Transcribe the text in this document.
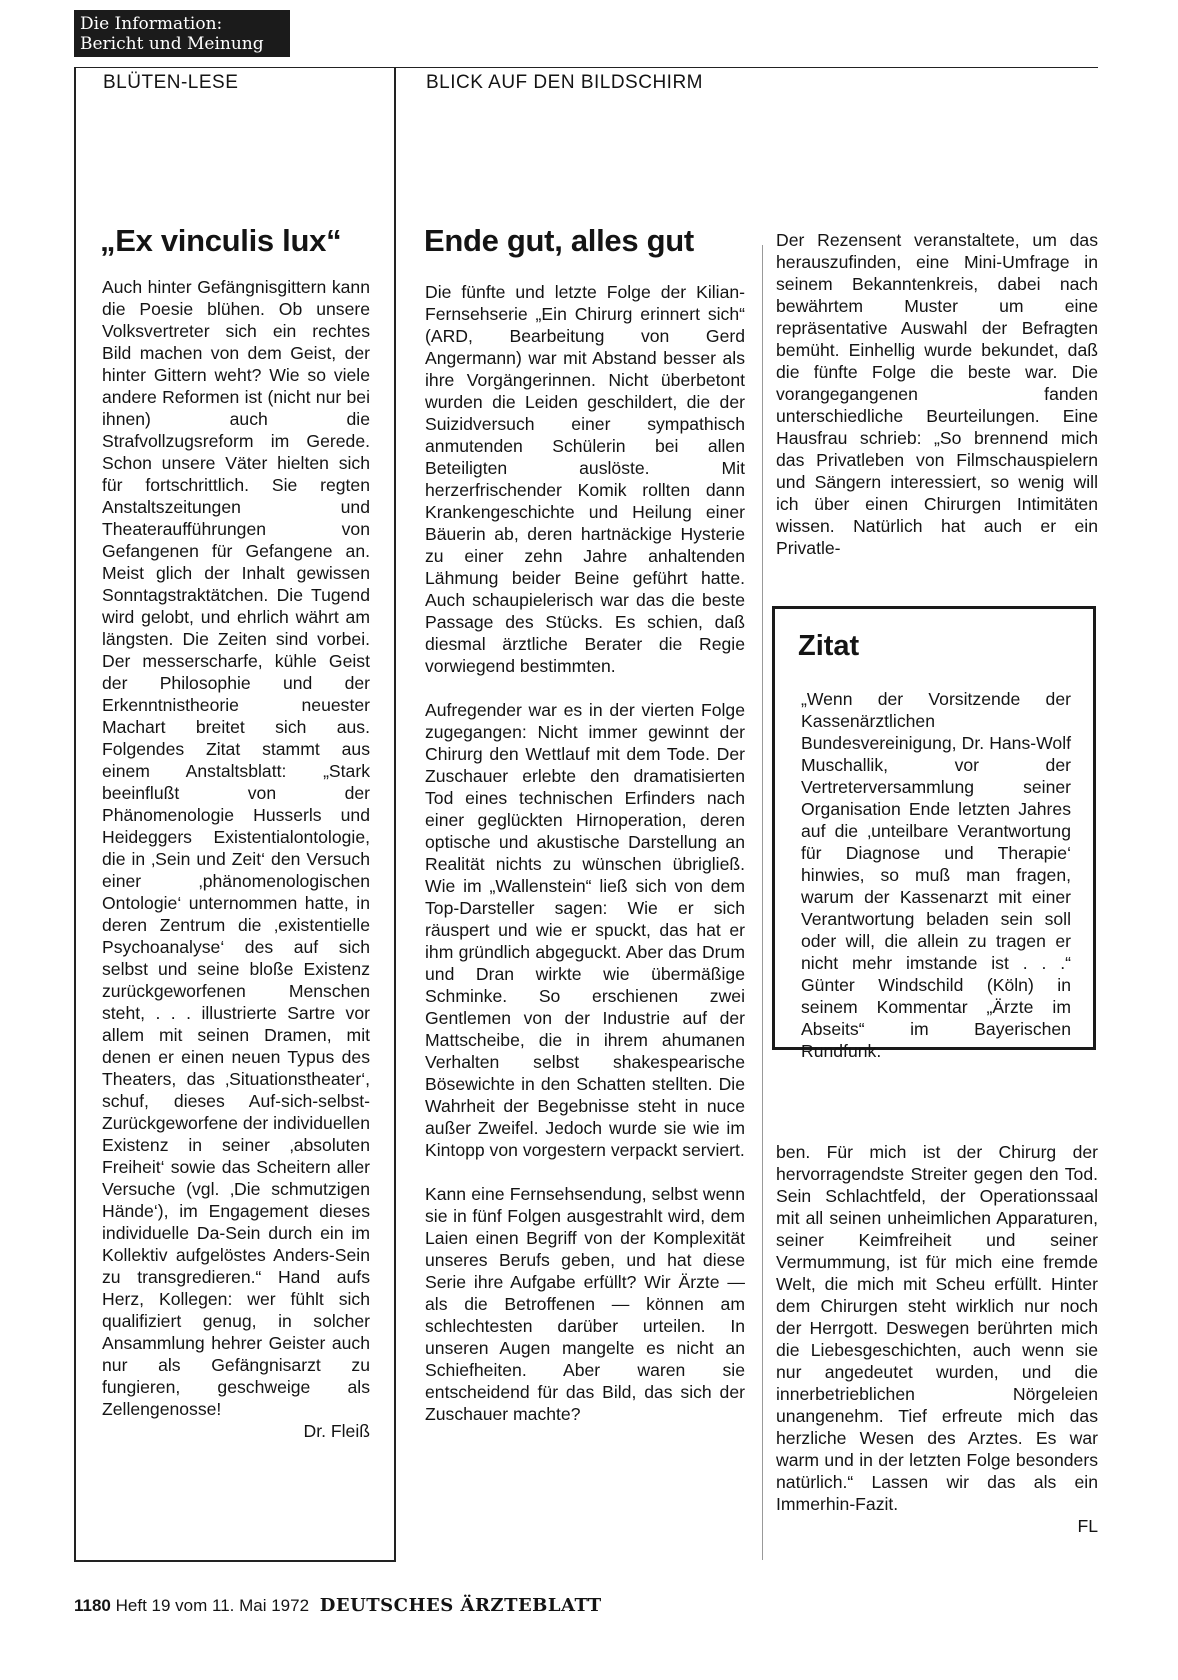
Die Information:
Bericht und Meinung
BLÜTEN-LESE	BLICK AUF DEN BILDSCHIRM
„Ex vinculis lux“	Ende gut, alles gut

Auch hinter Gefängnisgittern kann die Poesie blühen. Ob unsere Volksvertreter sich ein rechtes Bild machen von dem Geist, der hinter Gittern weht? Wie so viele andere Reformen ist (nicht nur bei ihnen) auch die Strafvollzugsreform im Gerede. Schon unsere Väter hielten sich für fortschrittlich. Sie regten Anstaltszeitungen und Theateraufführungen von Gefangenen für Gefangene an. Meist glich der Inhalt gewissen Sonntagstraktätchen. Die Tugend wird gelobt, und ehrlich währt am längsten. Die Zeiten sind vorbei. Der messerscharfe, kühle Geist der Philosophie und der Erkenntnistheorie neuester Machart breitet sich aus. Folgendes Zitat stammt aus einem Anstaltsblatt: „Stark beeinflußt von der Phänomenologie Husserls und Heideggers Existentialontologie, die in ‚Sein und Zeit‘ den Versuch einer ‚phänomenologischen Ontologie‘ unternommen hatte, in deren Zentrum die ‚existentielle Psychoanalyse‘ des auf sich selbst und seine bloße Existenz zurückgeworfenen Menschen steht, . . . illustrierte Sartre vor allem mit seinen Dramen, mit denen er einen neuen Typus des Theaters, das ‚Situationstheater‘, schuf, dieses Auf-sich-selbst-Zurückgeworfene der individuellen Existenz in seiner ‚absoluten Freiheit‘ sowie das Scheitern aller Versuche (vgl. ‚Die schmutzigen Hände‘), im Engagement dieses individuelle Da-Sein durch ein im Kollektiv aufgelöstes Anders-Sein zu transgredieren.“ Hand aufs Herz, Kollegen: wer fühlt sich qualifiziert genug, in solcher Ansammlung hehrer Geister auch nur als Gefängnisarzt zu fungieren, geschweige als Zellengenosse!

Dr. Fleiß

Die fünfte und letzte Folge der Kilian-Fernsehserie „Ein Chirurg erinnert sich“ (ARD, Bearbeitung von Gerd Angermann) war mit Abstand besser als ihre Vorgängerinnen. Nicht überbetont wurden die Leiden geschildert, die der Suizidversuch einer sympathisch anmutenden Schülerin bei allen Beteiligten auslöste. Mit herzerfrischender Komik rollten dann Krankengeschichte und Heilung einer Bäuerin ab, deren hartnäckige Hysterie zu einer zehn Jahre anhaltenden Lähmung beider Beine geführt hatte. Auch schaupielerisch war das die beste Passage des Stücks. Es schien, daß diesmal ärztliche Berater die Regie vorwiegend bestimmten.

Aufregender war es in der vierten Folge zugegangen: Nicht immer gewinnt der Chirurg den Wettlauf mit dem Tode. Der Zuschauer erlebte den dramatisierten Tod eines technischen Erfinders nach einer geglückten Hirnoperation, deren optische und akustische Darstellung an Realität nichts zu wünschen übrigließ. Wie im „Wallenstein“ ließ sich von dem Top-Darsteller sagen: Wie er sich räuspert und wie er spuckt, das hat er ihm gründlich abgeguckt. Aber das Drum und Dran wirkte wie übermäßige Schminke. So erschienen zwei Gentlemen von der Industrie auf der Mattscheibe, die in ihrem ahumanen Verhalten selbst shakespearische Bösewichte in den Schatten stellten. Die Wahrheit der Begebnisse steht in nuce außer Zweifel. Jedoch wurde sie wie im Kintopp von vorgestern verpackt serviert.

Kann eine Fernsehsendung, selbst wenn sie in fünf Folgen ausgestrahlt wird, dem Laien einen Begriff von der Komplexität unseres Berufs geben, und hat diese Serie ihre Aufgabe erfüllt? Wir Ärzte — als die Betroffenen — können am schlechtesten darüber urteilen. In unseren Augen mangelte es nicht an Schiefheiten. Aber waren sie entscheidend für das Bild, das sich der Zuschauer machte?

Der Rezensent veranstaltete, um das herauszufinden, eine Mini-Umfrage in seinem Bekanntenkreis, dabei nach bewährtem Muster um eine repräsentative Auswahl der Befragten bemüht. Einhellig wurde bekundet, daß die fünfte Folge die beste war. Die vorangegangenen fanden unterschiedliche Beurteilungen. Eine Hausfrau schrieb: „So brennend mich das Privatleben von Filmschauspielern und Sängern interessiert, so wenig will ich über einen Chirurgen Intimitäten wissen. Natürlich hat auch er ein Privatle-

Zitat
„Wenn der Vorsitzende der Kassenärztlichen Bundesvereinigung, Dr. Hans-Wolf Muschallik, vor der Vertreterversammlung seiner Organisation Ende letzten Jahres auf die ‚unteilbare Verantwortung für Diagnose und Therapie‘ hinwies, so muß man fragen, warum der Kassenarzt mit einer Verantwortung beladen sein soll oder will, die allein zu tragen er nicht mehr imstande ist . . .“ Günter Windschild (Köln) in seinem Kommentar „Ärzte im Abseits“ im Bayerischen Rundfunk.

ben. Für mich ist der Chirurg der hervorragendste Streiter gegen den Tod. Sein Schlachtfeld, der Operationssaal mit all seinen unheimlichen Apparaturen, seiner Keimfreiheit und seiner Vermummung, ist für mich eine fremde Welt, die mich mit Scheu erfüllt. Hinter dem Chirurgen steht wirklich nur noch der Herrgott. Deswegen berührten mich die Liebesgeschichten, auch wenn sie nur angedeutet wurden, und die innerbetrieblichen Nörgeleien unangenehm. Tief erfreute mich das herzliche Wesen des Arztes. Es war warm und in der letzten Folge besonders natürlich.“ Lassen wir das als ein Immerhin-Fazit.

FL
1180 Heft 19 vom 11. Mai 1972 DEUTSCHES ÄRZTEBLATT
